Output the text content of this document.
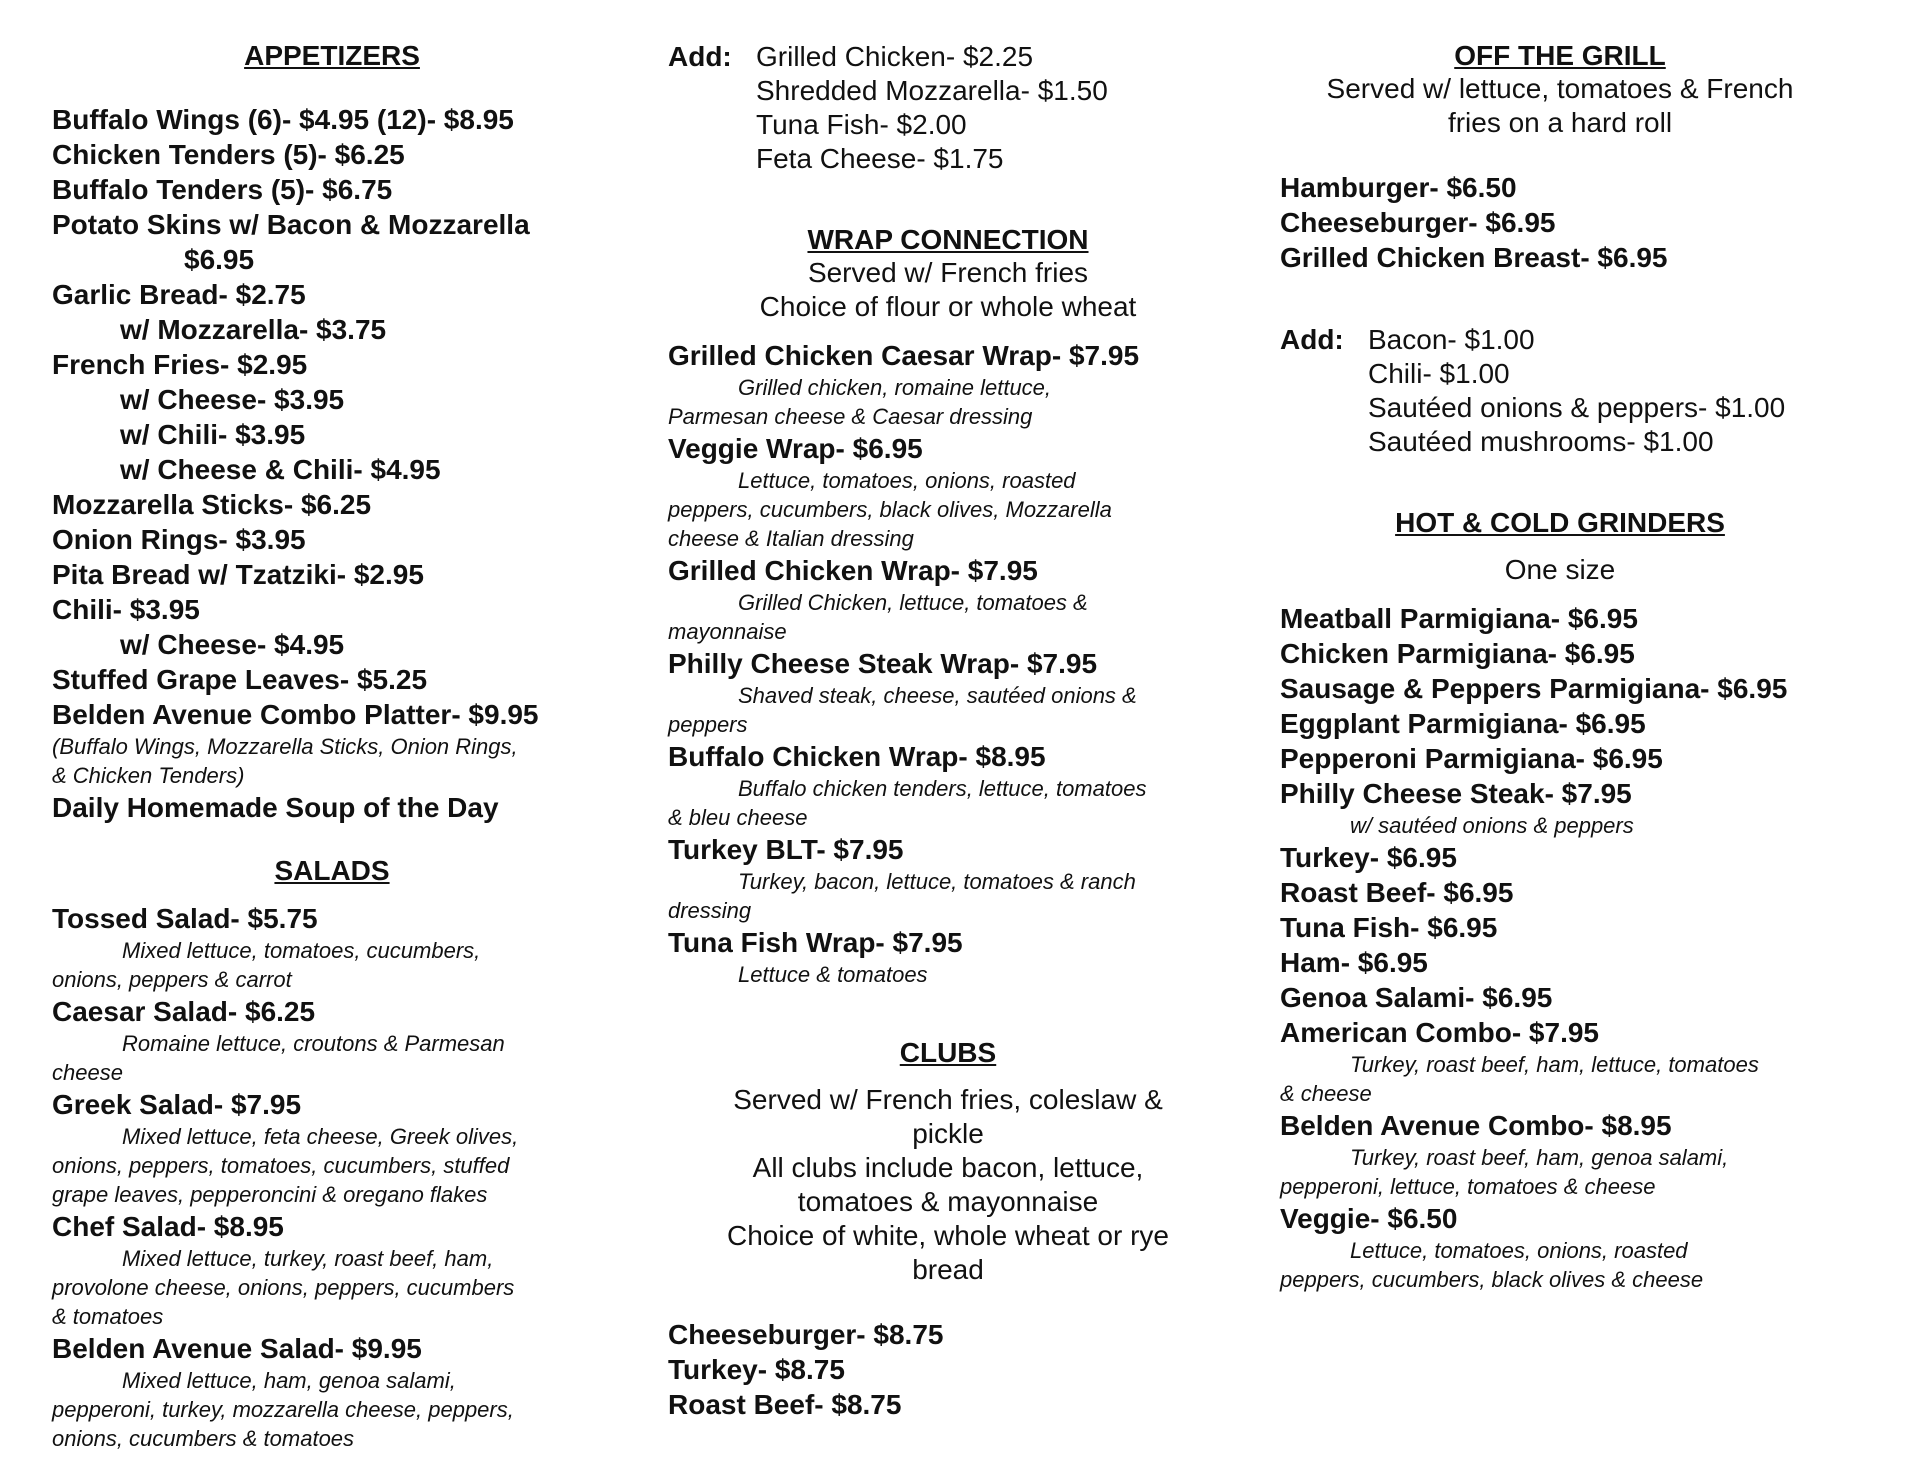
APPETIZERS

Buffalo Wings (6)- $4.95 (12)- $8.95

Chicken Tenders (5)- $6.25

Buffalo Tenders (5)- $6.75

Potato Skins w/ Bacon & Mozzarella

$6.95

Garlic Bread- $2.75

w/ Mozzarella- $3.75

French Fries- $2.95

w/ Cheese- $3.95

w/ Chili- $3.95

w/ Cheese & Chili- $4.95

Mozzarella Sticks- $6.25

Onion Rings- $3.95

Pita Bread w/ Tzatziki- $2.95

Chili- $3.95

w/ Cheese- $4.95

Stuffed Grape Leaves- $5.25

Belden Avenue Combo Platter- $9.95

(Buffalo Wings, Mozzarella Sticks, Onion Rings,

& Chicken Tenders)

Daily Homemade Soup of the Day

SALADS

Tossed Salad- $5.75

Mixed lettuce, tomatoes, cucumbers,

onions, peppers & carrot

Caesar Salad- $6.25

Romaine lettuce, croutons & Parmesan

cheese

Greek Salad- $7.95

Mixed lettuce, feta cheese, Greek olives,

onions, peppers, tomatoes, cucumbers, stuffed

grape leaves, pepperoncini & oregano flakes

Chef Salad- $8.95

Mixed lettuce, turkey, roast beef, ham,

provolone cheese, onions, peppers, cucumbers

& tomatoes

Belden Avenue Salad- $9.95

Mixed lettuce, ham, genoa salami,

pepperoni, turkey, mozzarella cheese, peppers,

onions, cucumbers & tomatoes

Add: Grilled Chicken- $2.25
Shredded Mozzarella- $1.50
Tuna Fish- $2.00
Feta Cheese- $1.75

WRAP CONNECTION

Served w/ French fries

Choice of flour or whole wheat

Grilled Chicken Caesar Wrap- $7.95

Grilled chicken, romaine lettuce,

Parmesan cheese & Caesar dressing

Veggie Wrap- $6.95

Lettuce, tomatoes, onions, roasted

peppers, cucumbers, black olives, Mozzarella

cheese & Italian dressing

Grilled Chicken Wrap- $7.95

Grilled Chicken, lettuce, tomatoes &

mayonnaise

Philly Cheese Steak Wrap- $7.95

Shaved steak, cheese, sautéed onions &

peppers

Buffalo Chicken Wrap- $8.95

Buffalo chicken tenders, lettuce, tomatoes

& bleu cheese

Turkey BLT- $7.95

Turkey, bacon, lettuce, tomatoes & ranch

dressing

Tuna Fish Wrap- $7.95

Lettuce & tomatoes

CLUBS

Served w/ French fries, coleslaw &

pickle

All clubs include bacon, lettuce,

tomatoes & mayonnaise

Choice of white, whole wheat or rye

bread

Cheeseburger- $8.75

Turkey- $8.75

Roast Beef- $8.75

OFF THE GRILL

Served w/ lettuce, tomatoes & French

fries on a hard roll

Hamburger- $6.50

Cheeseburger- $6.95

Grilled Chicken Breast- $6.95

Add: Bacon- $1.00
Chili- $1.00
Sautéed onions & peppers- $1.00
Sautéed mushrooms- $1.00

HOT & COLD GRINDERS

One size

Meatball Parmigiana- $6.95

Chicken Parmigiana- $6.95

Sausage & Peppers Parmigiana- $6.95

Eggplant Parmigiana- $6.95

Pepperoni Parmigiana- $6.95

Philly Cheese Steak- $7.95

w/ sautéed onions & peppers

Turkey- $6.95

Roast Beef- $6.95

Tuna Fish- $6.95

Ham- $6.95

Genoa Salami- $6.95

American Combo- $7.95

Turkey, roast beef, ham, lettuce, tomatoes

& cheese

Belden Avenue Combo- $8.95

Turkey, roast beef, ham, genoa salami,

pepperoni, lettuce, tomatoes & cheese

Veggie- $6.50

Lettuce, tomatoes, onions, roasted

peppers, cucumbers, black olives & cheese
